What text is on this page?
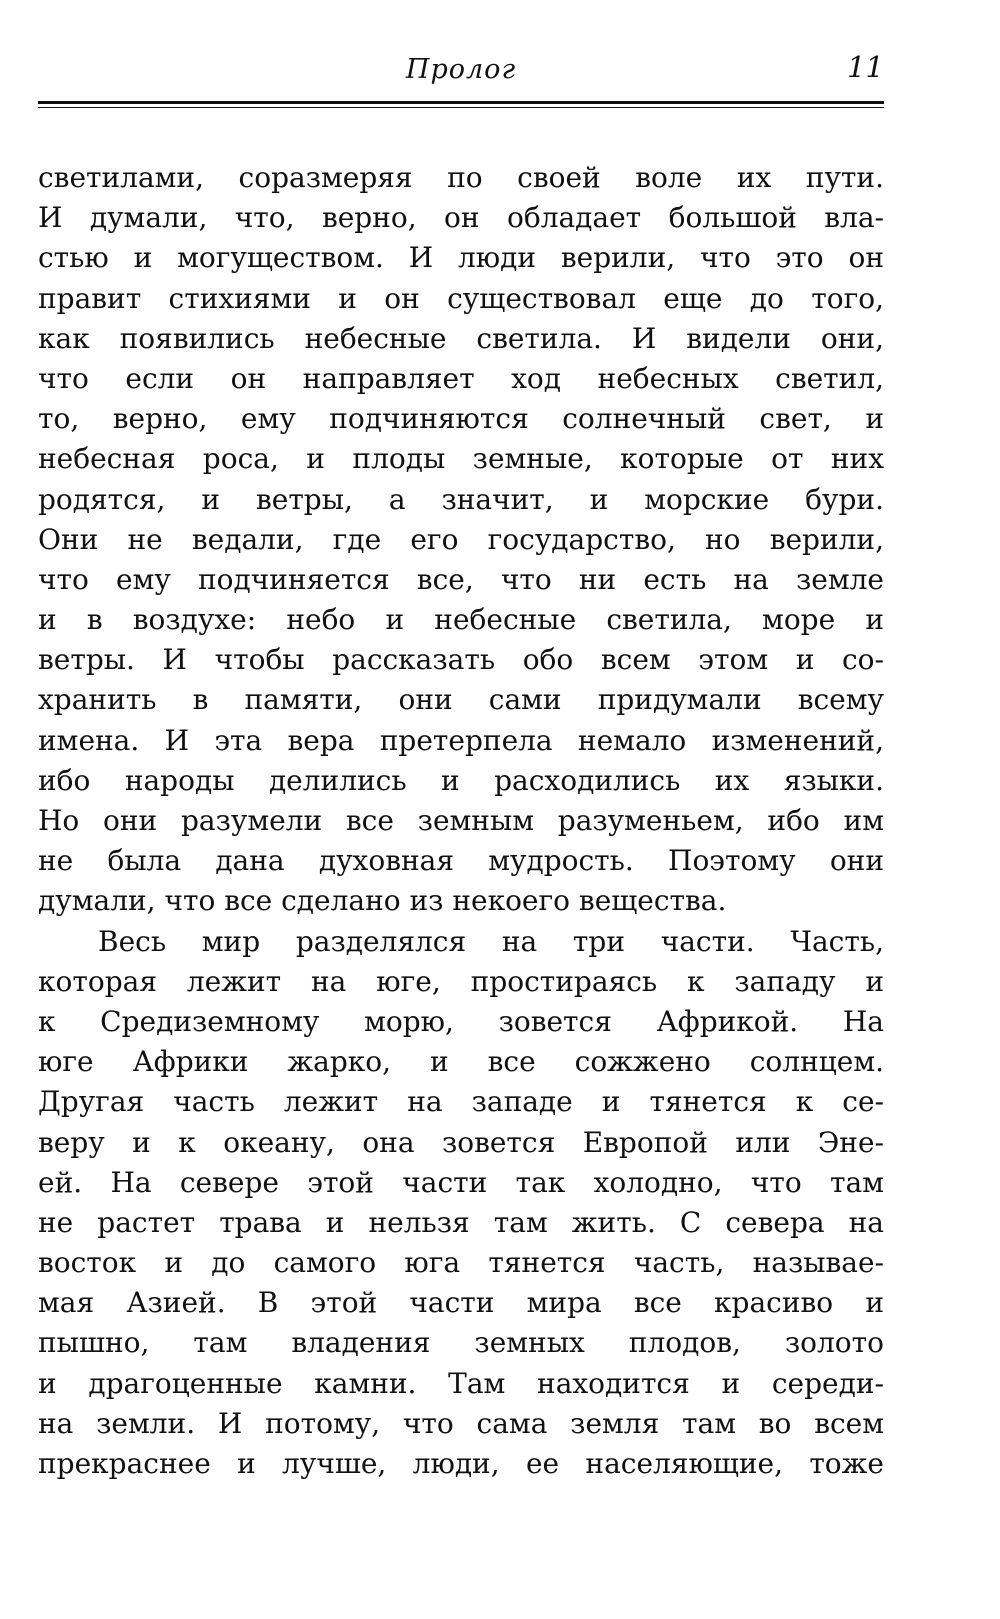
Пролог	11
светилами, соразмеряя по своей воле их пути.
И думали, что, верно, он обладает большой вла-
стью и могуществом. И люди верили, что это он
правит стихиями и он существовал еще до того,
как появились небесные светила. И видели они,
что если он направляет ход небесных светил,
то, верно, ему подчиняются солнечный свет, и
небесная роса, и плоды земные, которые от них
родятся, и ветры, а значит, и морские бури.
Они не ведали, где его государство, но верили,
что ему подчиняется все, что ни есть на земле
и в воздухе: небо и небесные светила, море и
ветры. И чтобы рассказать обо всем этом и со-
хранить в памяти, они сами придумали всему
имена. И эта вера претерпела немало изменений,
ибо народы делились и расходились их языки.
Но они разумели все земным разуменьем, ибо им
не была дана духовная мудрость. Поэтому они
думали, что все сделано из некоего вещества.
Весь мир разделялся на три части. Часть,
которая лежит на юге, простираясь к западу и
к Средиземному морю, зовется Африкой. На
юге Африки жарко, и все сожжено солнцем.
Другая часть лежит на западе и тянется к се-
веру и к океану, она зовется Европой или Эне-
ей. На севере этой части так холодно, что там
не растет трава и нельзя там жить. С севера на
восток и до самого юга тянется часть, называе-
мая Азией. В этой части мира все красиво и
пышно, там владения земных плодов, золото
и драгоценные камни. Там находится и середи-
на земли. И потому, что сама земля там во всем
прекраснее и лучше, люди, ее населяющие, тоже
